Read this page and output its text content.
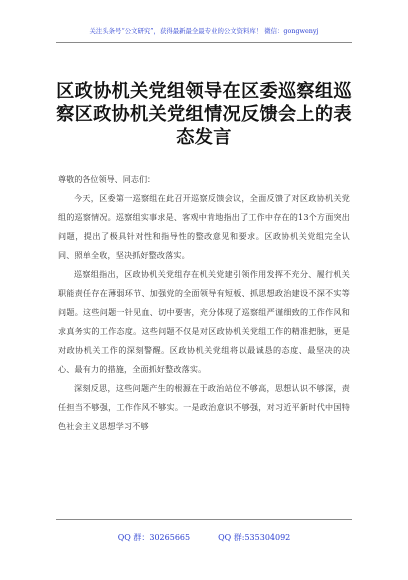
关注头条号“公文研究”，获得最新最全最专业的公文资料库！ 微信：gongwenyj
区政协机关党组领导在区委巡察组巡察区政协机关党组情况反馈会上的表态发言

尊敬的各位领导、同志们：

今天，区委第一巡察组在此召开巡察反馈会议，全面反馈了对区政协机关党组的巡察情况。巡察组实事求是、客观中肯地指出了工作中存在的13个方面突出问题，提出了极具针对性和指导性的整改意见和要求。区政协机关党组完全认同、照单全收，坚决抓好整改落实。

巡察组指出，区政协机关党组存在机关党建引领作用发挥不充分、履行机关职能责任存在薄弱环节、加强党的全面领导有短板、抓思想政治建设不深不实等问题。这些问题一针见血、切中要害，充分体现了巡察组严谨细致的工作作风和求真务实的工作态度。这些问题不仅是对区政协机关党组工作的精准把脉，更是对政协机关工作的深刻警醒。区政协机关党组将以最诚恳的态度、最坚决的决心、最有力的措施，全面抓好整改落实。

深刻反思，这些问题产生的根源在于政治站位不够高，思想认识不够深，责任担当不够强，工作作风不够实。一是政治意识不够强，对习近平新时代中国特色社会主义思想学习不够

QQ 群：30265665	QQ 群:535304092
